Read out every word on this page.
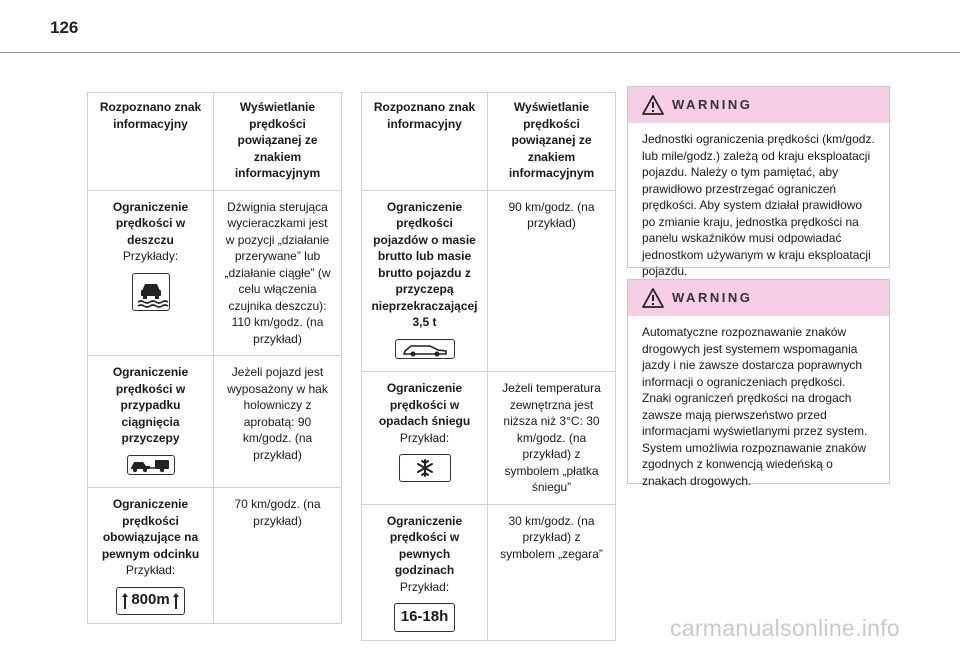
126
Rozpoznano znak informacyjny	Wyświetlanie prędkości powiązanej ze znakiem informacyjnym

Ograniczenie prędkości w deszczu
Przykłady:	Dźwignia sterująca wycieraczkami jest w pozycji „działanie przerywane” lub „działanie ciągłe” (w celu włączenia czujnika deszczu): 110 km/godz. (na przykład)

Ograniczenie prędkości w przypadku ciągnięcia przyczepy	Jeżeli pojazd jest wyposażony w hak holowniczy z aprobatą: 90 km/godz. (na przykład)

Ograniczenie prędkości obowiązujące na pewnym odcinku
Przykład:
800m	70 km/godz. (na przykład)
Rozpoznano znak informacyjny	Wyświetlanie prędkości powiązanej ze znakiem informacyjnym

Ograniczenie prędkości pojazdów o masie brutto lub masie brutto pojazdu z przyczepą nieprzekraczającej 3,5 t	90 km/godz. (na przykład)

Ograniczenie prędkości w opadach śniegu
Przykład:	Jeżeli temperatura zewnętrzna jest niższa niż 3°C: 30 km/godz. (na przykład) z symbolem „płatka śniegu”

Ograniczenie prędkości w pewnych godzinach
Przykład:
16-18h	30 km/godz. (na przykład) z symbolem „zegara”
WARNING

Jednostki ograniczenia prędkości (km/godz. lub mile/godz.) zależą od kraju eksploatacji pojazdu. Należy o tym pamiętać, aby prawidłowo przestrzegać ograniczeń prędkości. Aby system działał prawidłowo po zmianie kraju, jednostka prędkości na panelu wskaźników musi odpowiadać jednostkom używanym w kraju eksploatacji pojazdu.

WARNING

Automatyczne rozpoznawanie znaków drogowych jest systemem wspomagania jazdy i nie zawsze dostarcza poprawnych informacji o ograniczeniach prędkości. Znaki ograniczeń prędkości na drogach zawsze mają pierwszeństwo przed informacjami wyświetlanymi przez system. System umożliwia rozpoznawanie znaków zgodnych z konwencją wiedeńską o znakach drogowych.

carmanualsonline.info
